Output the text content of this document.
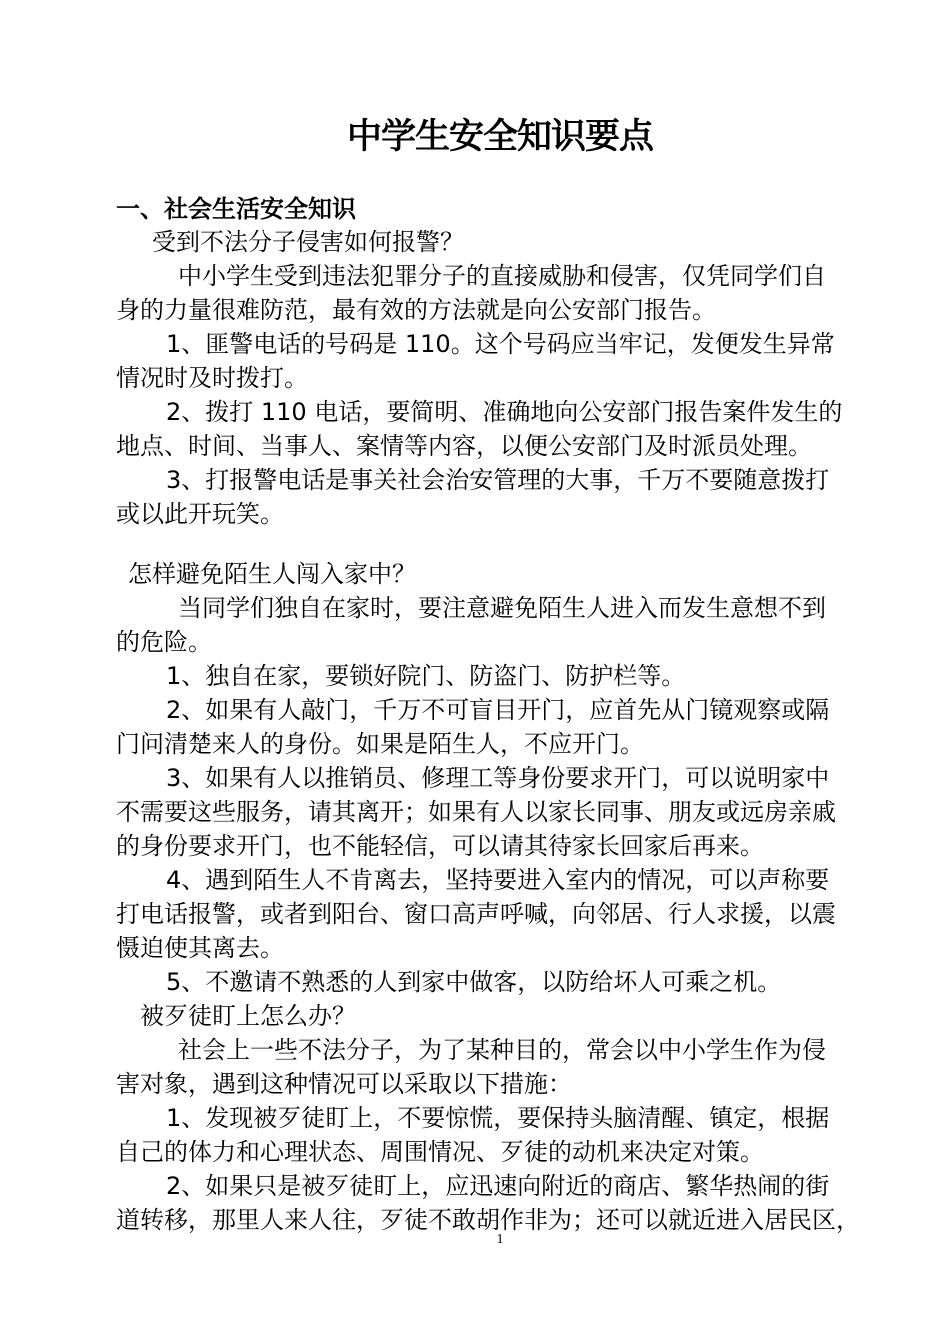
中学生安全知识要点
一、社会生活安全知识
受到不法分子侵害如何报警？
中小学生受到违法犯罪分子的直接威胁和侵害，仅凭同学们自
身的力量很难防范，最有效的方法就是向公安部门报告。
1、匪警电话的号码是 110。这个号码应当牢记，发便发生异常
情况时及时拨打。
2、拨打 110 电话，要简明、准确地向公安部门报告案件发生的
地点、时间、当事人、案情等内容，以便公安部门及时派员处理。
3、打报警电话是事关社会治安管理的大事，千万不要随意拨打
或以此开玩笑。
怎样避免陌生人闯入家中？
当同学们独自在家时，要注意避免陌生人进入而发生意想不到
的危险。
1、独自在家，要锁好院门、防盗门、防护栏等。
2、如果有人敲门，千万不可盲目开门，应首先从门镜观察或隔
门问清楚来人的身份。如果是陌生人，不应开门。
3、如果有人以推销员、修理工等身份要求开门，可以说明家中
不需要这些服务，请其离开；如果有人以家长同事、朋友或远房亲戚
的身份要求开门，也不能轻信，可以请其待家长回家后再来。
4、遇到陌生人不肯离去，坚持要进入室内的情况，可以声称要
打电话报警，或者到阳台、窗口高声呼喊，向邻居、行人求援，以震
慑迫使其离去。
5、不邀请不熟悉的人到家中做客，以防给坏人可乘之机。
被歹徒盯上怎么办？
社会上一些不法分子，为了某种目的，常会以中小学生作为侵
害对象，遇到这种情况可以采取以下措施：
1、发现被歹徒盯上，不要惊慌，要保持头脑清醒、镇定，根据
自己的体力和心理状态、周围情况、歹徒的动机来决定对策。
2、如果只是被歹徒盯上，应迅速向附近的商店、繁华热闹的街
道转移，那里人来人往，歹徒不敢胡作非为；还可以就近进入居民区，
1
